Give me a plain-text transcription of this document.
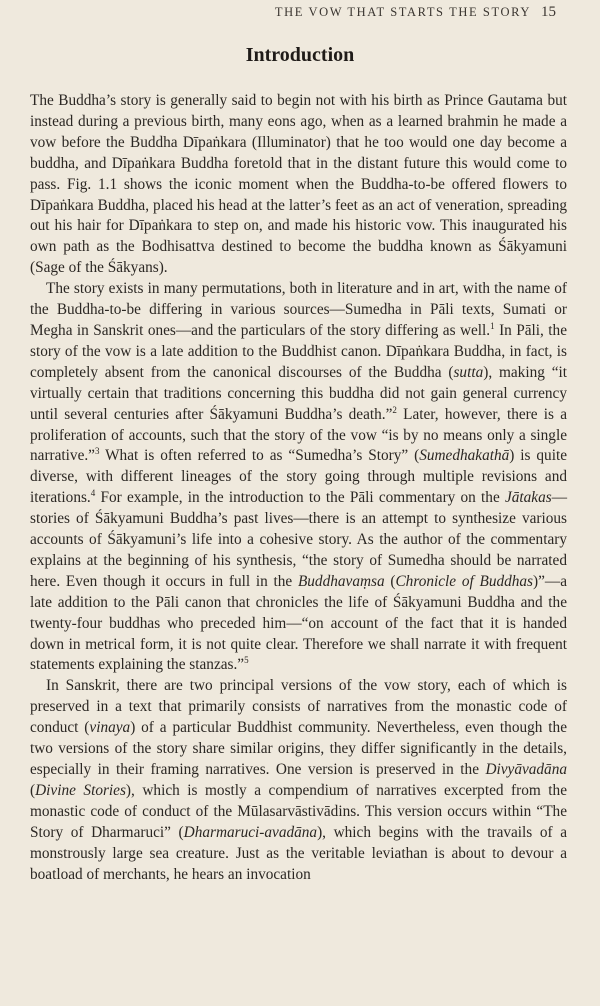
THE VOW THAT STARTS THE STORY 15
Introduction

The Buddha’s story is generally said to begin not with his birth as Prince Gautama but instead during a previous birth, many eons ago, when as a learned brahmin he made a vow before the Buddha Dīpaṅkara (Illuminator) that he too would one day become a buddha, and Dīpaṅkara Buddha foretold that in the distant future this would come to pass. Fig. 1.1 shows the iconic moment when the Buddha-to-be offered flowers to Dīpaṅkara Buddha, placed his head at the latter’s feet as an act of veneration, spreading out his hair for Dīpaṅkara to step on, and made his historic vow. This inaugurated his own path as the Bodhisattva destined to become the buddha known as Śākyamuni (Sage of the Śākyans).

The story exists in many permutations, both in literature and in art, with the name of the Buddha-to-be differing in various sources—Sumedha in Pāli texts, Sumati or Megha in Sanskrit ones—and the particulars of the story differing as well.$^1$ In Pāli, the story of the vow is a late addition to the Buddhist canon. Dīpaṅkara Buddha, in fact, is completely absent from the canonical discourses of the Buddha (sutta), making “it virtually certain that traditions concerning this buddha did not gain general currency until several centuries after Śākyamuni Buddha’s death.”$^2$ Later, however, there is a proliferation of accounts, such that the story of the vow “is by no means only a single narrative.”$^3$ What is often referred to as “Sumedha’s Story” (Sumedhakathā) is quite diverse, with different lineages of the story going through multiple revisions and iterations.$^4$ For example, in the introduction to the Pāli commentary on the Jātakas—stories of Śākyamuni Buddha’s past lives—there is an attempt to synthesize various accounts of Śākyamuni’s life into a cohesive story. As the author of the commentary explains at the beginning of his synthesis, “the story of Sumedha should be narrated here. Even though it occurs in full in the Buddhavaṃsa (Chronicle of Buddhas)”—a late addition to the Pāli canon that chronicles the life of Śākyamuni Buddha and the twenty-four buddhas who preceded him—“on account of the fact that it is handed down in metrical form, it is not quite clear. Therefore we shall narrate it with frequent statements explaining the stanzas.”$^5$

In Sanskrit, there are two principal versions of the vow story, each of which is preserved in a text that primarily consists of narratives from the monastic code of conduct (vinaya) of a particular Buddhist community. Nevertheless, even though the two versions of the story share similar origins, they differ significantly in the details, especially in their framing narratives. One version is preserved in the Divyāvadāna (Divine Stories), which is mostly a compendium of narratives excerpted from the monastic code of conduct of the Mūlasarvāstivādins. This version occurs within “The Story of Dharmaruci” (Dharmaruci-avadāna), which begins with the travails of a monstrously large sea creature. Just as the veritable leviathan is about to devour a boatload of merchants, he hears an invocation
